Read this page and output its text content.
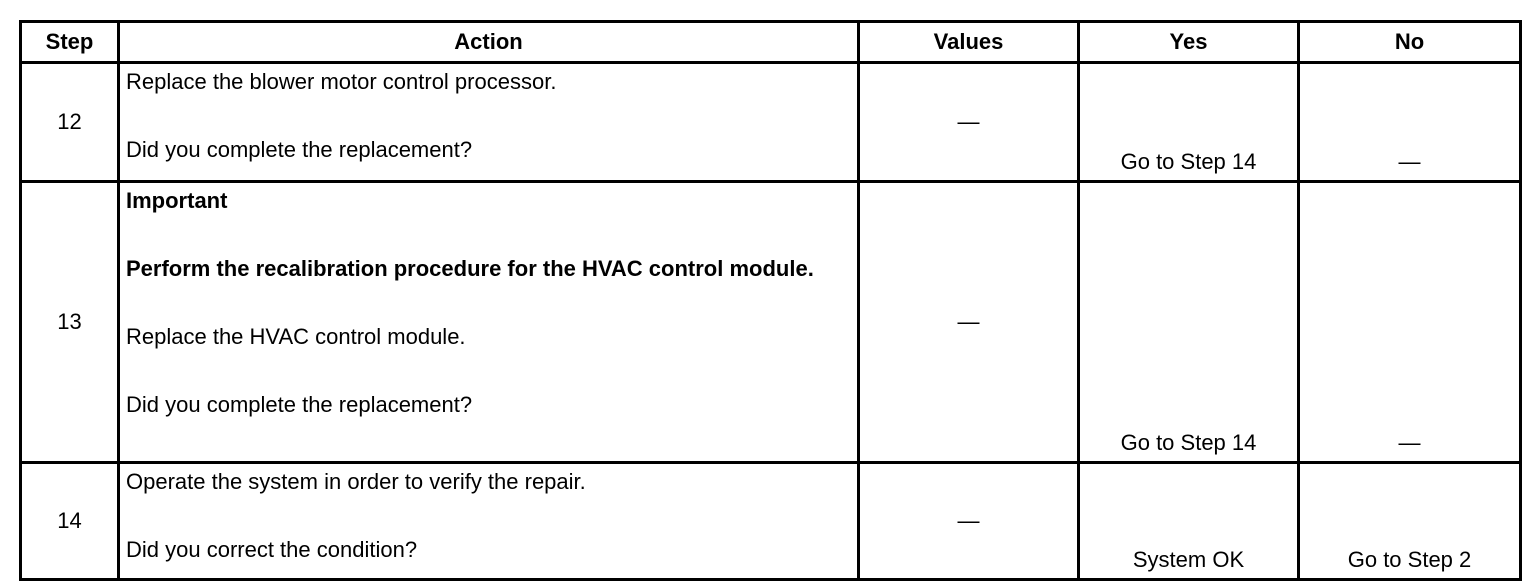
Step	Action	Values	Yes	No
12	Replace the blower motor control processor.

Did you complete the replacement?	—	Go to Step 14	—
13	Important

Perform the recalibration procedure for the HVAC control module.

Replace the HVAC control module.

Did you complete the replacement?	—	Go to Step 14	—
14	Operate the system in order to verify the repair.

Did you correct the condition?	—	System OK	Go to Step 2
